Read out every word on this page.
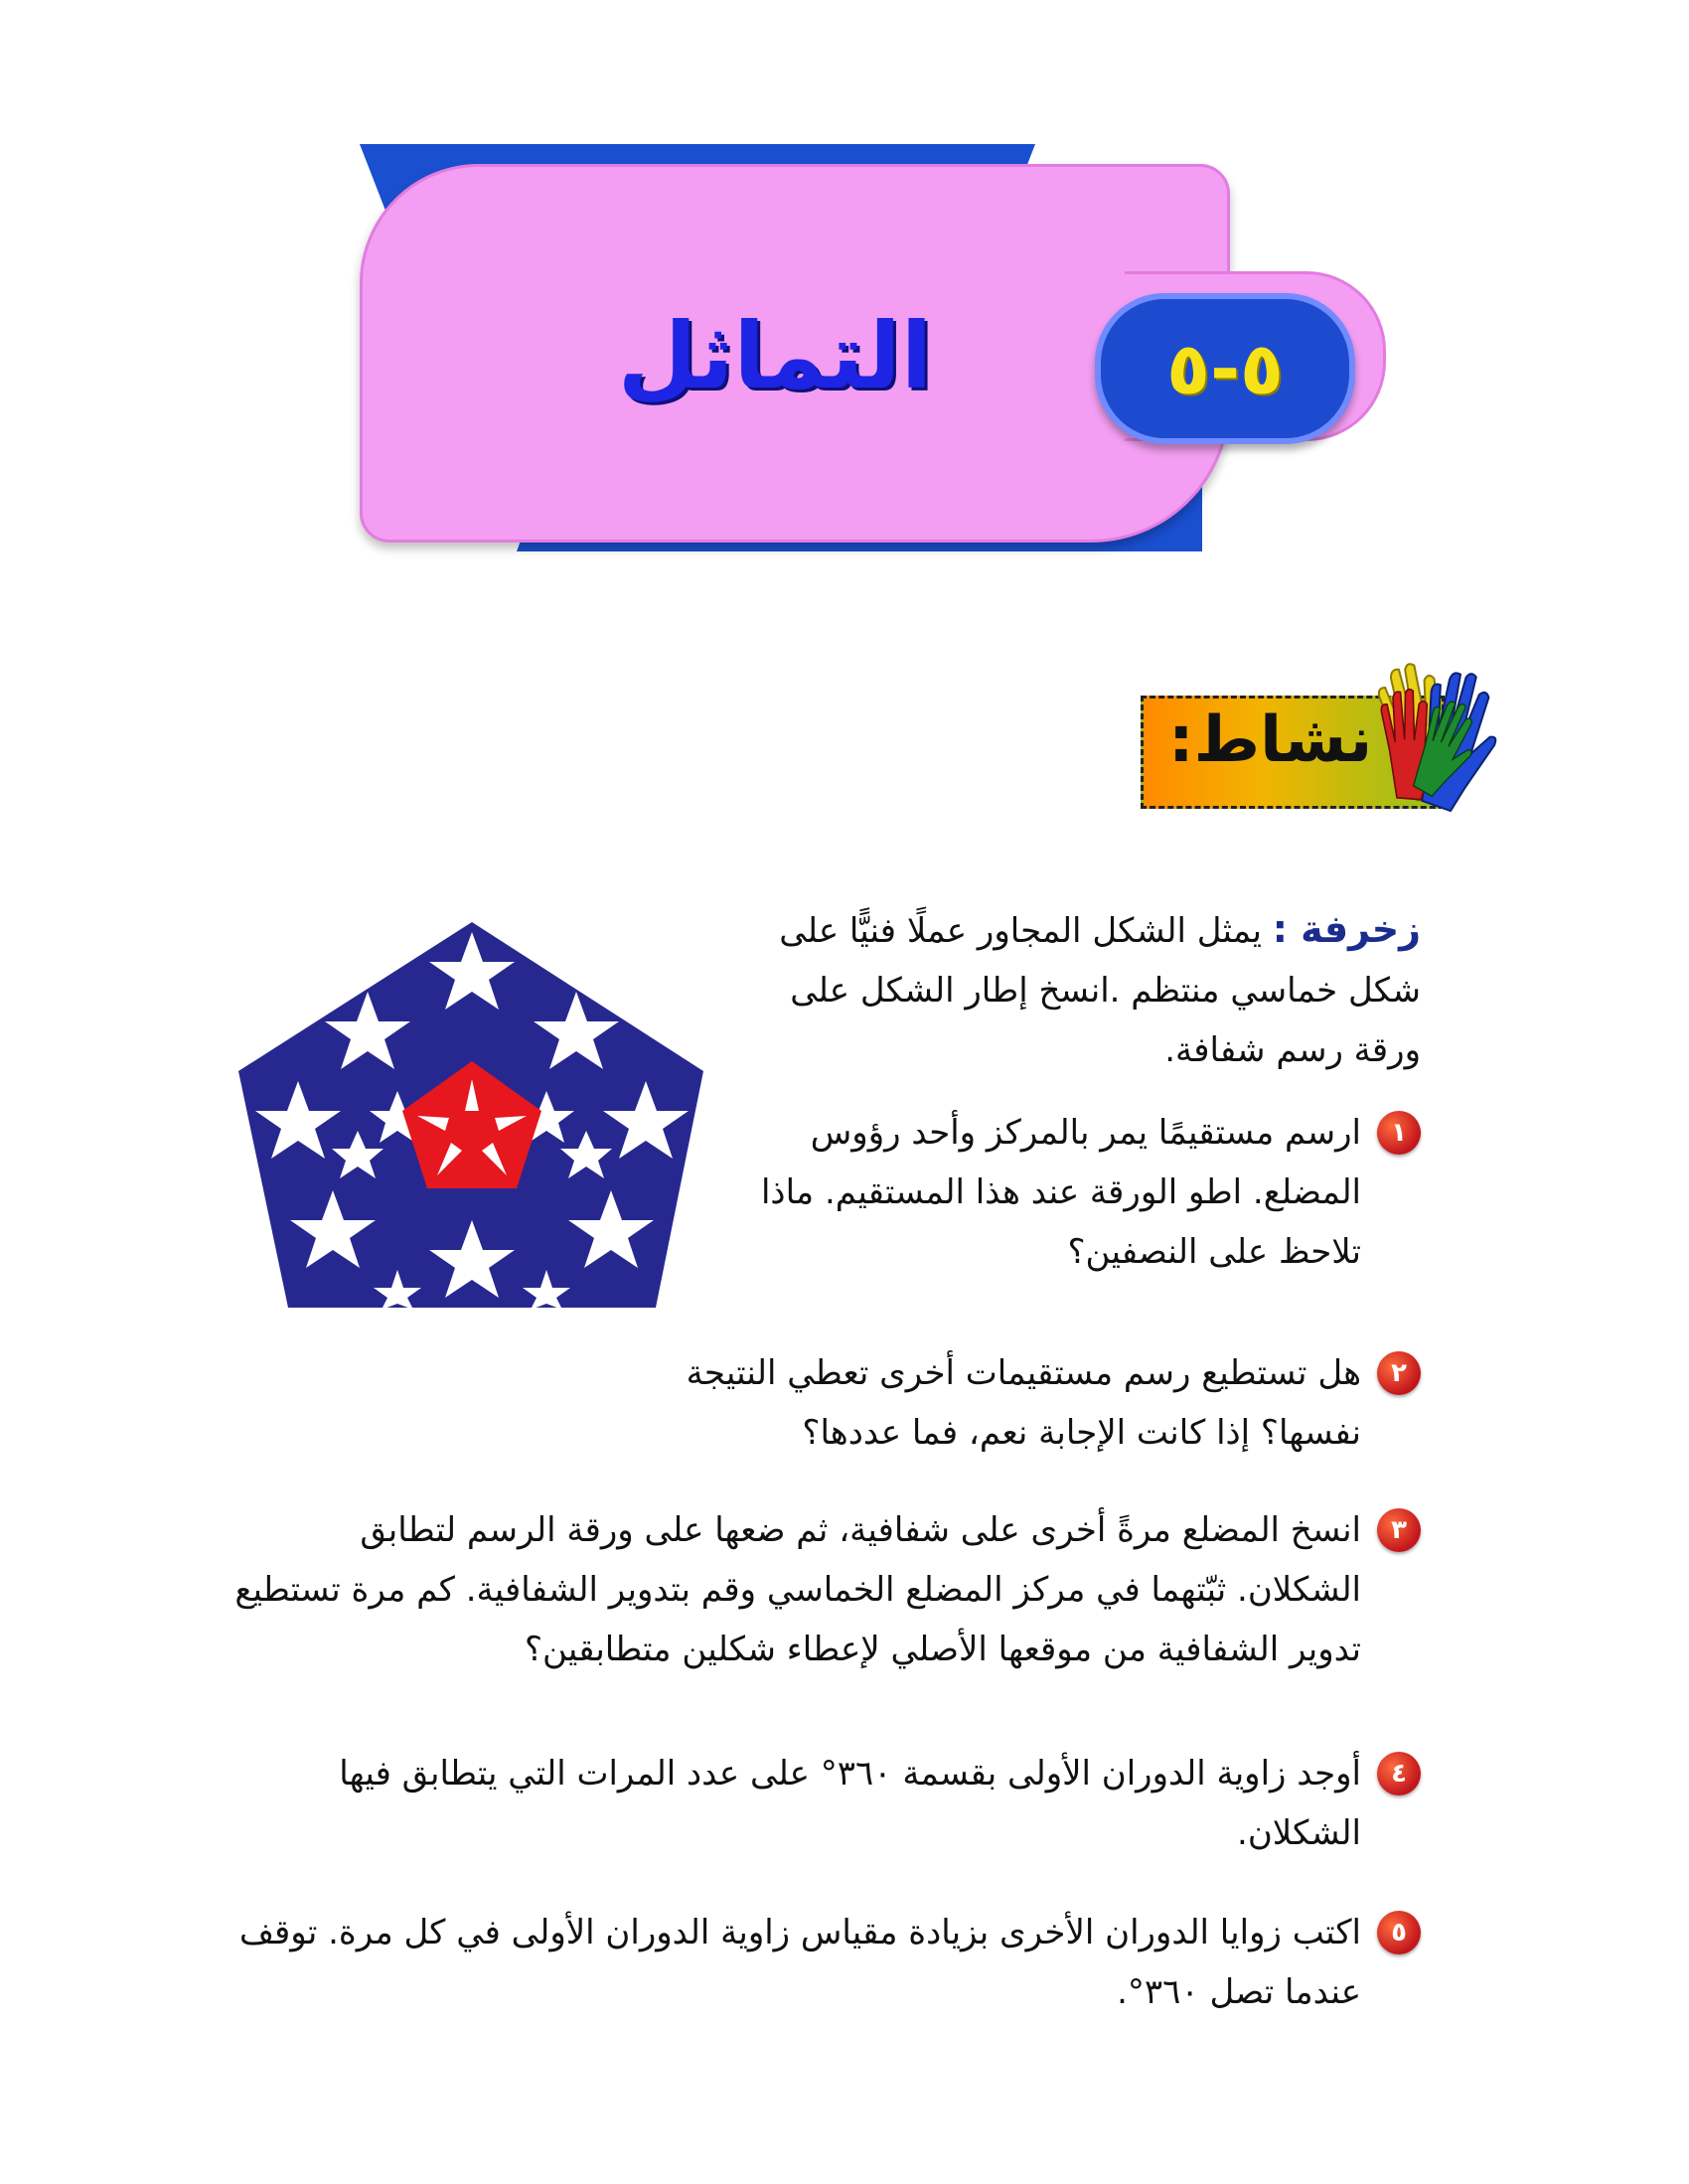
التماثل	٥-٥
نشاط:
زخرفة : يمثل الشكل المجاور عملًا فنيًّا على شكل خماسي منتظم .انسخ إطار الشكل على ورقة رسم شفافة.
١
ارسم مستقيمًا يمر بالمركز وأحد رؤوس المضلع. اطو الورقة عند هذا المستقيم. ماذا تلاحظ على النصفين؟
٢
هل تستطيع رسم مستقيمات أخرى تعطي النتيجة نفسها؟ إذا كانت الإجابة نعم، فما عددها؟
٣
انسخ المضلع مرةً أخرى على شفافية، ثم ضعها على ورقة الرسم لتطابق الشكلان. ثبّتهما في مركز المضلع الخماسي وقم بتدوير الشفافية. كم مرة تستطيع تدوير الشفافية من موقعها الأصلي لإعطاء شكلين متطابقين؟
٤
أوجد زاوية الدوران الأولى بقسمة ٣٦٠° على عدد المرات التي يتطابق فيها الشكلان.
٥
اكتب زوايا الدوران الأخرى بزيادة مقياس زاوية الدوران الأولى في كل مرة. توقف عندما تصل ٣٦٠°.
